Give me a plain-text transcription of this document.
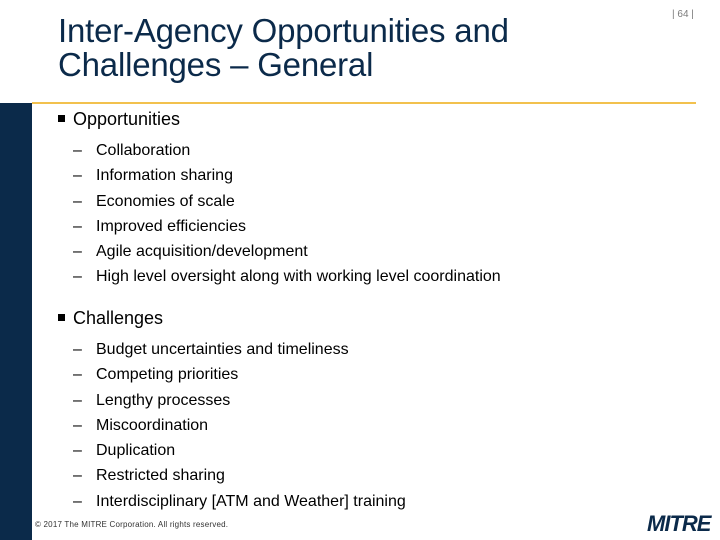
Inter-Agency Opportunities and
Challenges – General
| 64 |
Opportunities
– Collaboration
– Information sharing
– Economies of scale
– Improved efficiencies
– Agile acquisition/development
– High level oversight along with working level coordination
Challenges
– Budget uncertainties and timeliness
– Competing priorities
– Lengthy processes
– Miscoordination
– Duplication
– Restricted sharing
– Interdisciplinary [ATM and Weather] training
© 2017 The MITRE Corporation. All rights reserved.	MITRE
